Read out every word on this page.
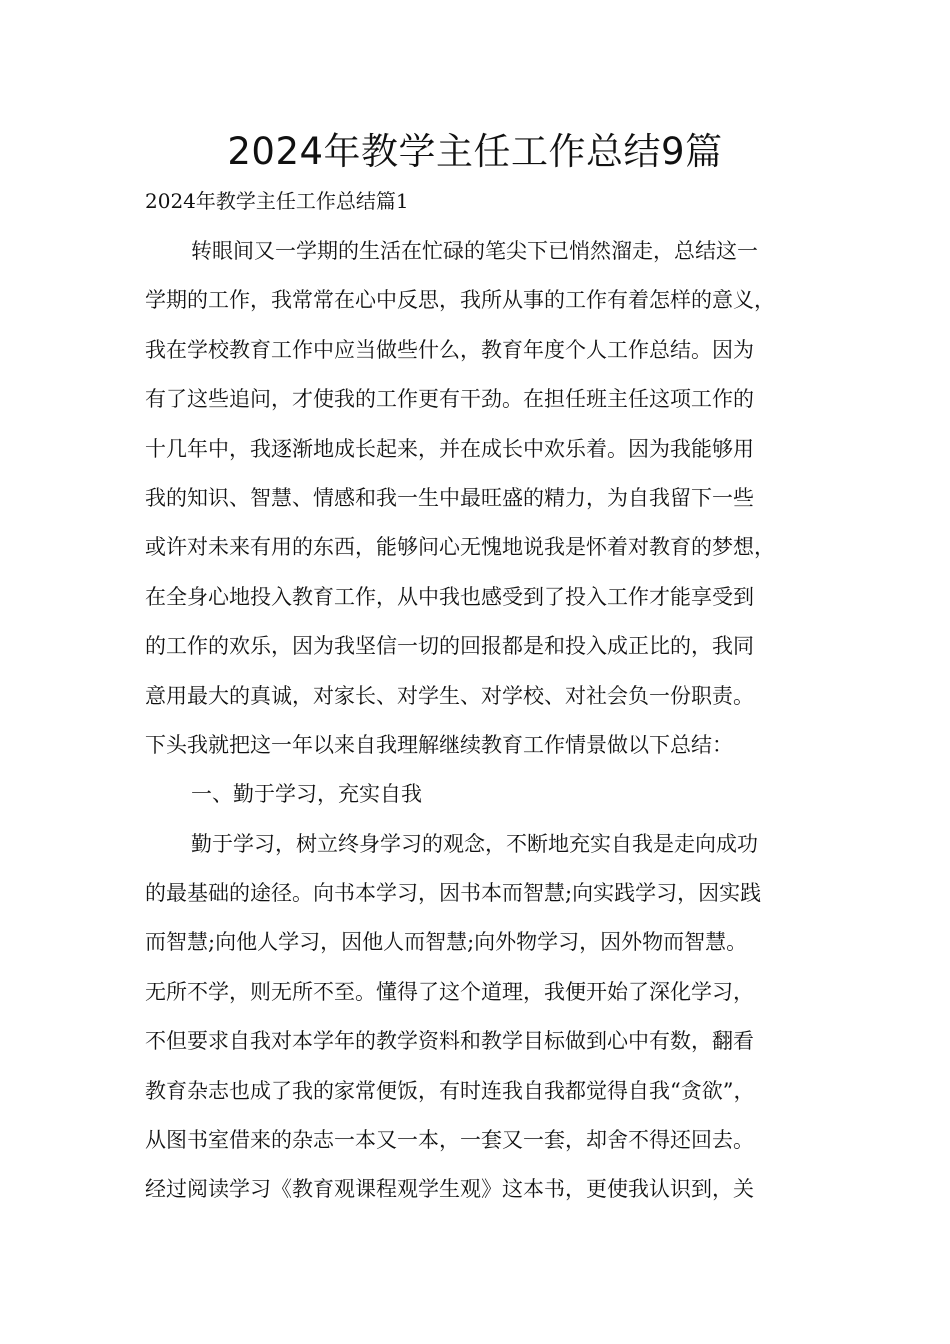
2024年教学主任工作总结9篇

2024年教学主任工作总结篇1

转眼间又一学期的生活在忙碌的笔尖下已悄然溜走，总结这一
学期的工作，我常常在心中反思，我所从事的工作有着怎样的意义，
我在学校教育工作中应当做些什么，教育年度个人工作总结。因为
有了这些追问，才使我的工作更有干劲。在担任班主任这项工作的
十几年中，我逐渐地成长起来，并在成长中欢乐着。因为我能够用
我的知识、智慧、情感和我一生中最旺盛的精力，为自我留下一些
或许对未来有用的东西，能够问心无愧地说我是怀着对教育的梦想，
在全身心地投入教育工作，从中我也感受到了投入工作才能享受到
的工作的欢乐，因为我坚信一切的回报都是和投入成正比的，我同
意用最大的真诚，对家长、对学生、对学校、对社会负一份职责。
下头我就把这一年以来自我理解继续教育工作情景做以下总结：
一、勤于学习，充实自我
勤于学习，树立终身学习的观念，不断地充实自我是走向成功
的最基础的途径。向书本学习，因书本而智慧;向实践学习，因实践
而智慧;向他人学习，因他人而智慧;向外物学习，因外物而智慧。
无所不学，则无所不至。懂得了这个道理，我便开始了深化学习，
不但要求自我对本学年的教学资料和教学目标做到心中有数，翻看
教育杂志也成了我的家常便饭，有时连我自我都觉得自我“贪欲”，
从图书室借来的杂志一本又一本，一套又一套，却舍不得还回去。
经过阅读学习《教育观课程观学生观》这本书，更使我认识到，关
